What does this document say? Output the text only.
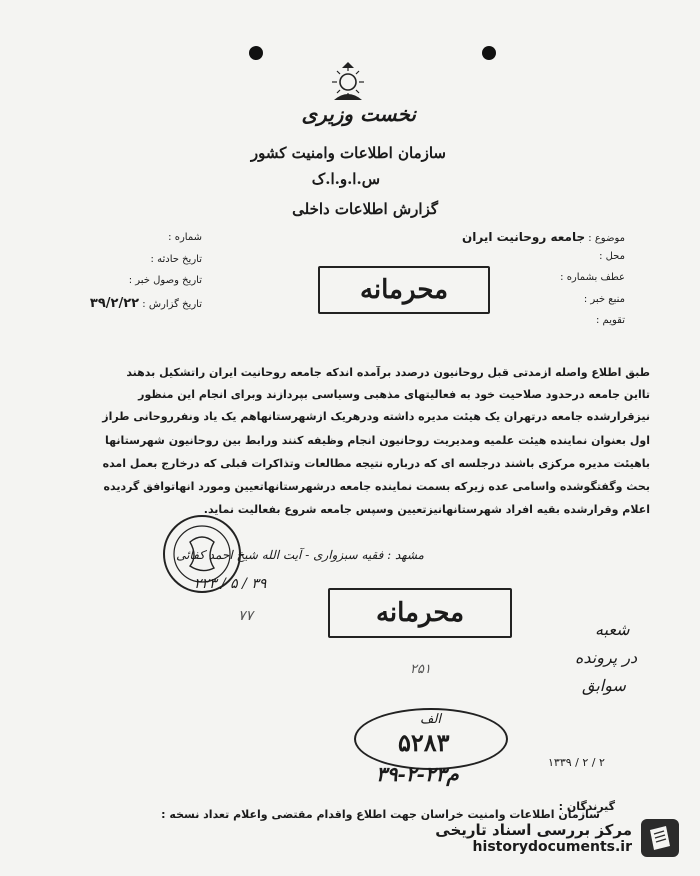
نخست وزیری
سازمان اطلاعات وامنیت کشور
س.ا.و.ا.ک
گزارش اطلاعات داخلی
موضوع : جامعه روحانیت ایران
محل :
عطف بشماره :
منبع خبر :
تقویم :
شماره :
تاریخ حادثه :
تاریخ وصول خبر :
تاریخ گزارش : ۳۹/۲/۲۲	محرمانه
طبق اطلاع واصله ازمدتی قبل روحانیون درصدد برآمده اندکه جامعه روحانیت ایران راتشکیل بدهند
تااین جامعه درحدود صلاحیت خود به فعالیتهای مذهبی وسیاسی بپردازند وبرای انجام این منظور
نیزقرارشده جامعه درتهران یک هیئت مدیره داشته ودرهریک ازشهرستانهاهم یک یاد ونفرروحانی طراز
اول بعنوان نماینده هیئت علمیه ومدیریت روحانیون انجام وظیفه کنند ورابط بین روحانیون شهرستانها
باهیئت مدیره مرکزی باشند درجلسه ای که درباره نتیجه مطالعات وتذاکرات قبلی که درخارج بعمل امده
بحث وگفتگوشده واسامی عده زیرکه بسمت نماینده جامعه درشهرستانهاتعیین ومورد انهاتوافق گردیده
اعلام وقرارشده بقیه افراد شهرستانهانیزتعیین وسپس جامعه شروع بفعالیت نماید.
مشهد : فقیه سبزواری - آیت الله شیخ احمد کفائی
۲۲۳ / ۵ / ۳۹
محرمانه
۷۷
شعبه
در پرونده
سوابق
۲۵۱
الف
۵۲۸۳
۳۹-۲-۲۳م	۱۳۳۹ / ۲ / ۲
گیرندگان :
سازمان اطلاعات وامنیت خراسان جهت اطلاع واقدام مقتضی واعلام تعداد نسخه :
مرکز بررسی اسناد تاریخی
historydocuments.ir
